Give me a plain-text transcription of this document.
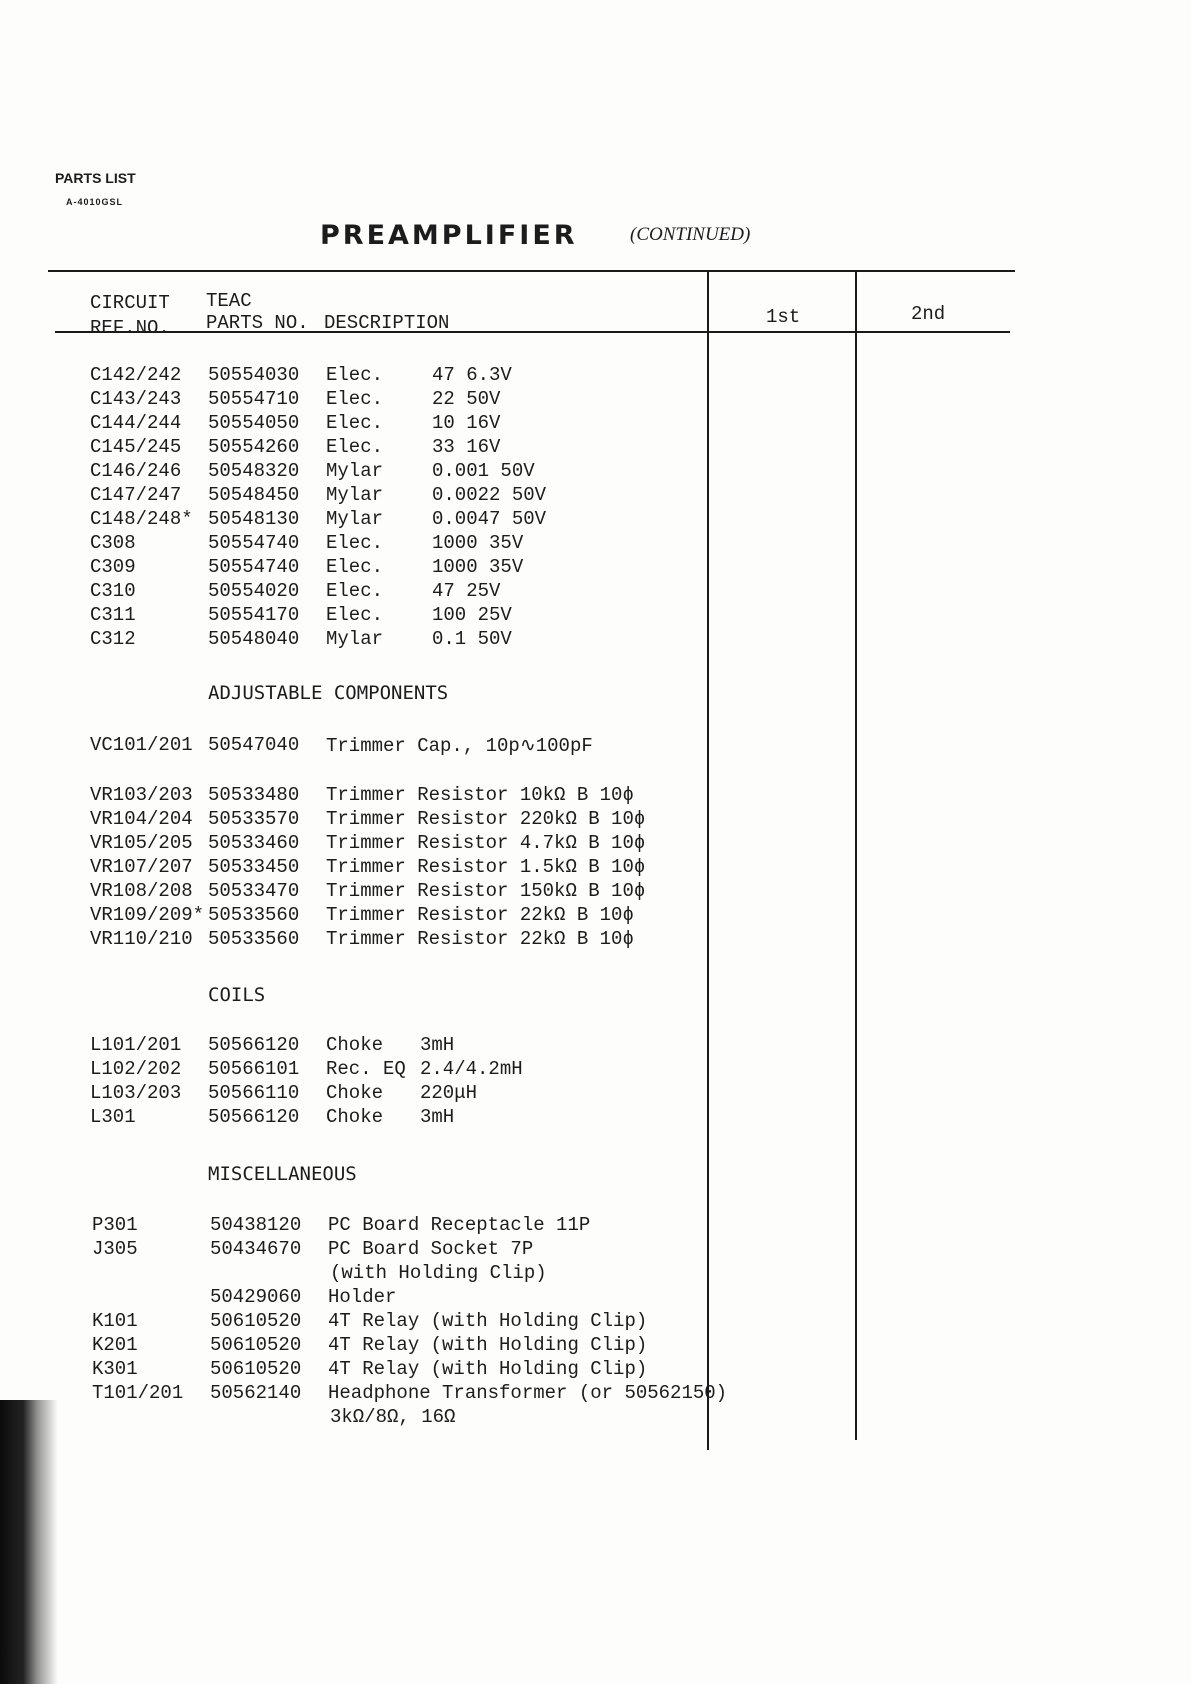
PARTS LIST
A-4010GSL
PREAMPLIFIER	(CONTINUED)
CIRCUIT
REF.NO.
TEAC
PARTS NO. DESCRIPTION	1st	2nd
C142/242 50554030 Elec.	47 6.3V
C143/243 50554710 Elec.	22 50V
C144/244 50554050 Elec.	10 16V
C145/245 50554260 Elec.	33 16V
C146/246 50548320 Mylar	0.001 50V
C147/247 50548450 Mylar	0.0022 50V
C148/248* 50548130 Mylar	0.0047 50V
C308	50554740 Elec.	1000 35V
C309	50554740 Elec.	1000 35V
C310	50554020 Elec.	47 25V
C311	50554170 Elec.	100 25V
C312	50548040 Mylar	0.1 50V
ADJUSTABLE COMPONENTS
VC101/201 50547040 Trimmer Cap., 10p∿100pF
VR103/203 50533480 Trimmer Resistor 10kΩ B 10ϕ
VR104/204 50533570 Trimmer Resistor 220kΩ B 10ϕ
VR105/205 50533460 Trimmer Resistor 4.7kΩ B 10ϕ
VR107/207 50533450 Trimmer Resistor 1.5kΩ B 10ϕ
VR108/208 50533470 Trimmer Resistor 150kΩ B 10ϕ
VR109/209* 50533560 Trimmer Resistor 22kΩ B 10ϕ
VR110/210 50533560 Trimmer Resistor 22kΩ B 10ϕ
COILS
L101/201 50566120 Choke 3mH
L102/202 50566101 Rec. EQ 2.4/4.2mH
L103/203 50566110 Choke 220μH
L301	50566120 Choke 3mH
MISCELLANEOUS
P301	50438120 PC Board Receptacle 11P
J305	50434670 PC Board Socket 7P
(with Holding Clip)
50429060 Holder
K101	50610520 4T Relay (with Holding Clip)
K201	50610520 4T Relay (with Holding Clip)
K301	50610520 4T Relay (with Holding Clip)
T101/201 50562140 Headphone Transformer (or 50562150)
3kΩ/8Ω, 16Ω
